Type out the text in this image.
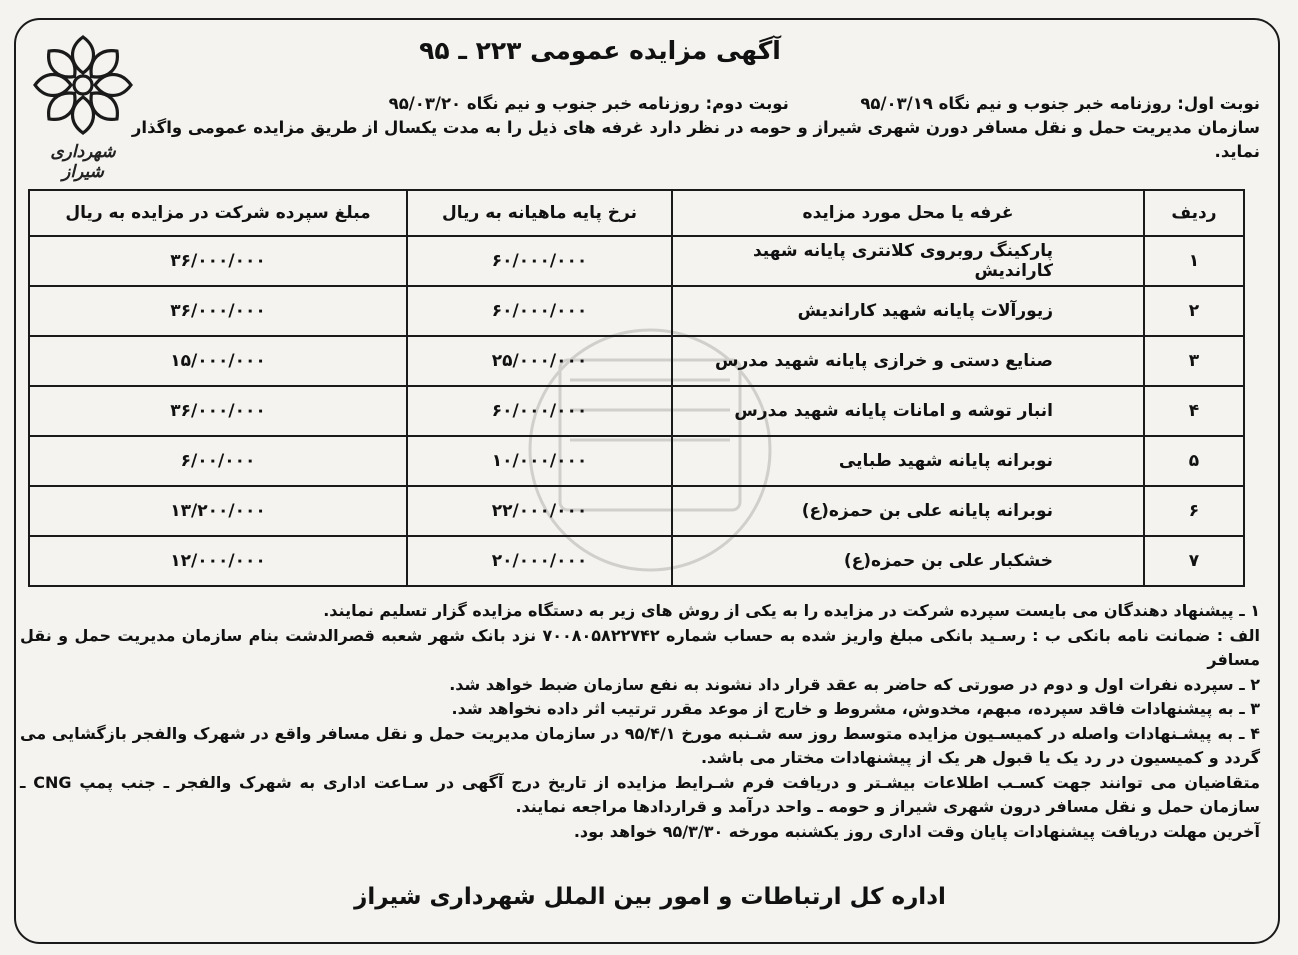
شهرداری شیراز
آگهی مزایده عمومی ۲۲۳ ـ ۹۵
نوبت اول: روزنامه خبر جنوب و نیم نگاه ۹۵/۰۳/۱۹  نوبت دوم: روزنامه خبر جنوب و نیم نگاه ۹۵/۰۳/۲۰
سازمان مدیریت حمل و نقل مسافر دورن شهری شیراز و حومه در نظر دارد غرفه های ذیل را به مدت یکسال از طریق مزایده عمومی واگذار
نماید.
ردیف	غرفه یا محل مورد مزایده	نرخ پایه ماهیانه به ریال	مبلغ سپرده شرکت در مزایده به ریال
۱	پارکینگ روبروی کلانتری پایانه شهید کاراندیش	۶۰/۰۰۰/۰۰۰	۳۶/۰۰۰/۰۰۰
۲	زیورآلات پایانه شهید کاراندیش	۶۰/۰۰۰/۰۰۰	۳۶/۰۰۰/۰۰۰
۳	صنایع دستی و خرازی پایانه شهید مدرس	۲۵/۰۰۰/۰۰۰	۱۵/۰۰۰/۰۰۰
۴	انبار توشه و امانات پایانه شهید مدرس	۶۰/۰۰۰/۰۰۰	۳۶/۰۰۰/۰۰۰
۵	نوبرانه پایانه شهید طبایی	۱۰/۰۰۰/۰۰۰	۶/۰۰/۰۰۰
۶	نوبرانه پایانه علی بن حمزه(ع)	۲۲/۰۰۰/۰۰۰	۱۳/۲۰۰/۰۰۰
۷	خشکبار علی بن حمزه(ع)	۲۰/۰۰۰/۰۰۰	۱۲/۰۰۰/۰۰۰

۱ ـ پیشنهاد دهندگان می بایست سپرده شرکت در مزایده را به یکی از روش های زیر به دستگاه مزایده گزار تسلیم نمایند.

الف : ضمانت نامه بانکی ب : رسـید بانکی مبلغ واریز شده به حساب شماره ۷۰۰۸۰۵۸۲۲۷۴۲ نزد بانک شهر شعبه قصرالدشت بنام سازمان مدیریت حمل و نقل مسافر

۲ ـ سپرده نفرات اول و دوم در صورتی که حاضر به عقد قرار داد نشوند به نفع سازمان ضبط خواهد شد.

۳ ـ به پیشنهادات فاقد سپرده، مبهم، مخدوش، مشروط و خارج از موعد مقرر ترتیب اثر داده نخواهد شد.

۴ ـ به پیشـنهادات واصله در کمیسـیون مزایده متوسط روز سه شـنبه مورخ ۹۵/۴/۱ در سازمان مدیریت حمل و نقل مسافر واقع در شهرک والفجر بازگشایی می گردد و کمیسیون در رد یک یا قبول هر یک از پیشنهادات مختار می باشد.

متقاضیان می توانند جهت کسـب اطلاعات بیشـتر و دریافت فرم شـرایط مزایده از تاریخ درج آگهی در سـاعت اداری به شهرک والفجر ـ جنب پمپ CNG ـ سازمان حمل و نقل مسافر درون شهری شیراز و حومه ـ واحد درآمد و قراردادها مراجعه نمایند.

آخرین مهلت دریافت پیشنهادات پایان وقت اداری روز یکشنبه مورخه ۹۵/۳/۳۰ خواهد بود.

اداره کل ارتباطات و امور بین الملل شهرداری شیراز
